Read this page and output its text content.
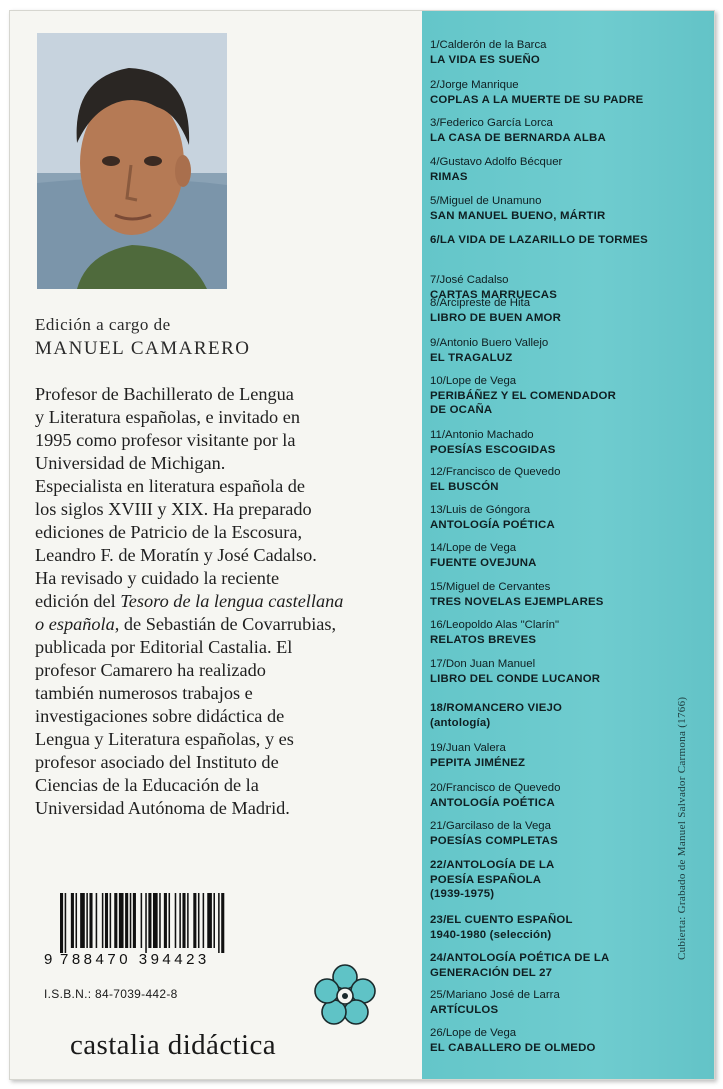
Edición a cargo de
MANUEL CAMARERO
Profesor de Bachillerato de Lengua
y Literatura españolas, e invitado en
1995 como profesor visitante por la
Universidad de Michigan.
Especialista en literatura española de
los siglos XVIII y XIX. Ha preparado
ediciones de Patricio de la Escosura,
Leandro F. de Moratín y José Cadalso.
Ha revisado y cuidado la reciente
edición del Tesoro de la lengua castellana
o española, de Sebastián de Covarrubias,
publicada por Editorial Castalia. El
profesor Camarero ha realizado
también numerosos trabajos e
investigaciones sobre didáctica de
Lengua y Literatura españolas, y es
profesor asociado del Instituto de
Ciencias de la Educación de la
Universidad Autónoma de Madrid.
9 788470 394423
I.S.B.N.: 84-7039-442-8
castalia didáctica
1/Calderón de la Barca
LA VIDA ES SUEÑO
2/Jorge Manrique
COPLAS A LA MUERTE DE SU PADRE
3/Federico García Lorca
LA CASA DE BERNARDA ALBA
4/Gustavo Adolfo Bécquer
RIMAS
5/Miguel de Unamuno
SAN MANUEL BUENO, MÁRTIR
6/LA VIDA DE LAZARILLO DE TORMES
7/José Cadalso
CARTAS MARRUECAS
8/Arcipreste de Hita
LIBRO DE BUEN AMOR
9/Antonio Buero Vallejo
EL TRAGALUZ
10/Lope de Vega
PERIBÁÑEZ Y EL COMENDADOR
DE OCAÑA
11/Antonio Machado
POESÍAS ESCOGIDAS
12/Francisco de Quevedo
EL BUSCÓN
13/Luis de Góngora
ANTOLOGÍA POÉTICA
14/Lope de Vega
FUENTE OVEJUNA
15/Miguel de Cervantes
TRES NOVELAS EJEMPLARES
16/Leopoldo Alas "Clarín"
RELATOS BREVES
17/Don Juan Manuel
LIBRO DEL CONDE LUCANOR
18/ROMANCERO VIEJO
(antología)
19/Juan Valera
PEPITA JIMÉNEZ
20/Francisco de Quevedo
ANTOLOGÍA POÉTICA
21/Garcilaso de la Vega
POESÍAS COMPLETAS
22/ANTOLOGÍA DE LA
POESÍA ESPAÑOLA
(1939-1975)
23/EL CUENTO ESPAÑOL
1940-1980 (selección)
24/ANTOLOGÍA POÉTICA DE LA
GENERACIÓN DEL 27
25/Mariano José de Larra
ARTÍCULOS
26/Lope de Vega
EL CABALLERO DE OLMEDO
Cubierta: Grabado de Manuel Salvador Carmona (1766)
